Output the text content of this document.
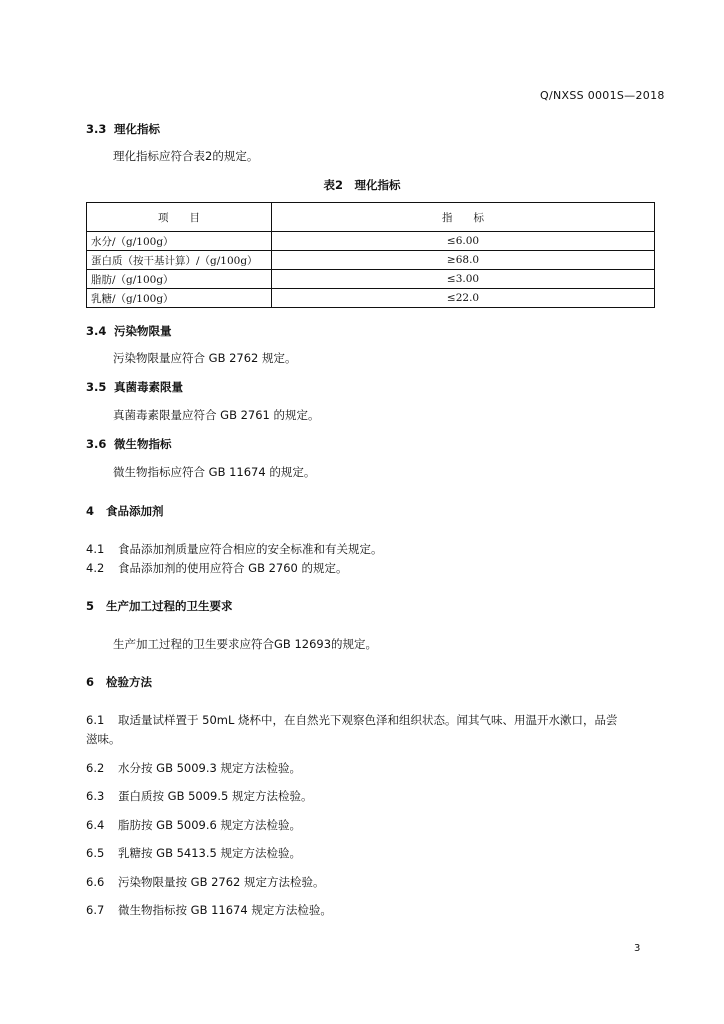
Q/NXSS 0001S—2018
3.3 理化指标
理化指标应符合表2的规定。
表2　理化指标
项　　目	指　　标
水分/（g/100g）	≤6.00
蛋白质（按干基计算）/（g/100g）	≥68.0
脂肪/（g/100g）	≤3.00
乳糖/（g/100g）	≤22.0
3.4 污染物限量
污染物限量应符合 GB 2762 规定。
3.5 真菌毒素限量
真菌毒素限量应符合 GB 2761 的规定。
3.6 微生物指标
微生物指标应符合 GB 11674 的规定。
4 食品添加剂
4.1 食品添加剂质量应符合相应的安全标准和有关规定。
4.2 食品添加剂的使用应符合 GB 2760 的规定。
5 生产加工过程的卫生要求
生产加工过程的卫生要求应符合GB 12693的规定。
6 检验方法
6.1 取适量试样置于 50mL 烧杯中，在自然光下观察色泽和组织状态。闻其气味、用温开水漱口，品尝
滋味。
6.2 水分按 GB 5009.3 规定方法检验。
6.3 蛋白质按 GB 5009.5 规定方法检验。
6.4 脂肪按 GB 5009.6 规定方法检验。
6.5 乳糖按 GB 5413.5 规定方法检验。
6.6 污染物限量按 GB 2762 规定方法检验。
6.7 微生物指标按 GB 11674 规定方法检验。
3
